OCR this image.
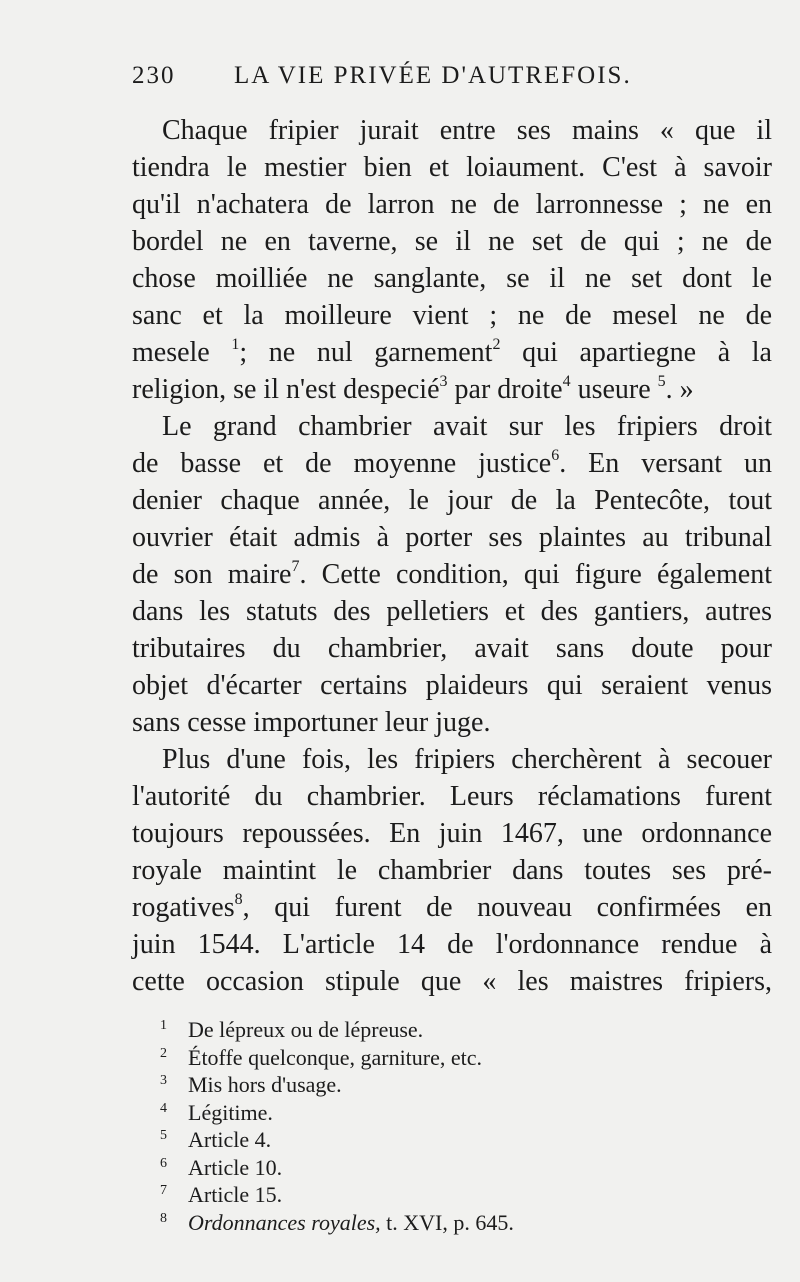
230 LA VIE PRIVÉE D'AUTREFOIS.
Chaque fripier jurait entre ses mains « que il
tiendra le mestier bien et loiaument. C'est à savoir
qu'il n'achatera de larron ne de larronnesse ; ne en
bordel ne en taverne, se il ne set de qui ; ne de
chose moilliée ne sanglante, se il ne set dont le
sanc et la moilleure vient ; ne de mesel ne de
mesele $^1$; ne nul garnement$^2$ qui apartiegne à la
religion, se il n'est despecié$^3$ par droite$^4$ useure $^5$. »
Le grand chambrier avait sur les fripiers droit
de basse et de moyenne justice$^6$. En versant un
denier chaque année, le jour de la Pentecôte, tout
ouvrier était admis à porter ses plaintes au tribunal
de son maire$^7$. Cette condition, qui figure également
dans les statuts des pelletiers et des gantiers, autres
tributaires du chambrier, avait sans doute pour
objet d'écarter certains plaideurs qui seraient venus
sans cesse importuner leur juge.
Plus d'une fois, les fripiers cherchèrent à secouer
l'autorité du chambrier. Leurs réclamations furent
toujours repoussées. En juin 1467, une ordonnance
royale maintint le chambrier dans toutes ses pré-
rogatives$^8$, qui furent de nouveau confirmées en
juin 1544. L'article 14 de l'ordonnance rendue à
cette occasion stipule que « les maistres fripiers,
1 De lépreux ou de lépreuse.
2 Étoffe quelconque, garniture, etc.
3 Mis hors d'usage.
4 Légitime.
5 Article 4.
6 Article 10.
7 Article 15.
8 Ordonnances royales, t. XVI, p. 645.
